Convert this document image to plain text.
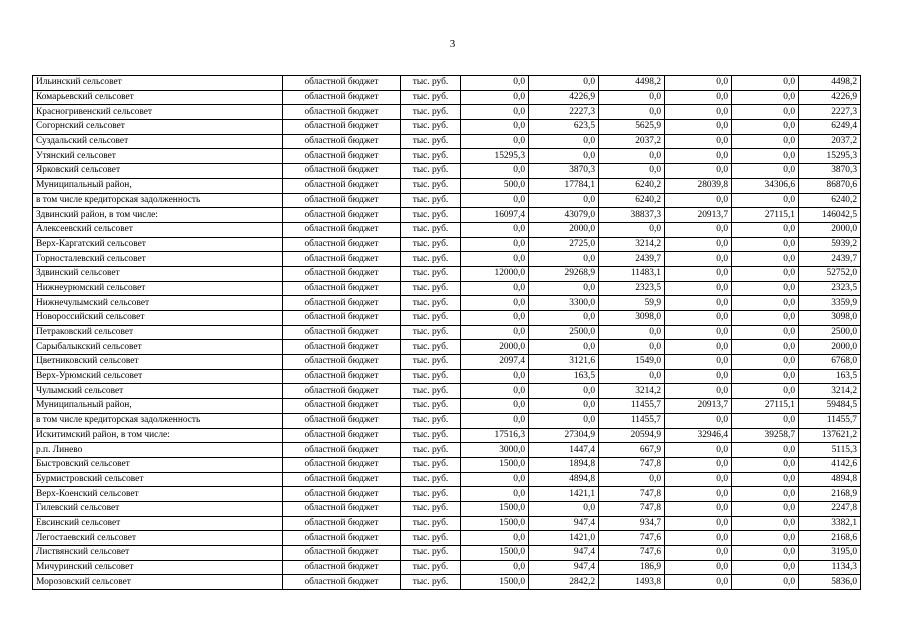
3
Ильинский сельсовет	областной бюджет	тыс. руб.	0,0	0,0	4498,2	0,0	0,0	4498,2
Комарьевский сельсовет	областной бюджет	тыс. руб.	0,0	4226,9	0,0	0,0	0,0	4226,9
Красногривенский сельсовет	областной бюджет	тыс. руб.	0,0	2227,3	0,0	0,0	0,0	2227,3
Согорнский сельсовет	областной бюджет	тыс. руб.	0,0	623,5	5625,9	0,0	0,0	6249,4
Суздальский сельсовет	областной бюджет	тыс. руб.	0,0	0,0	2037,2	0,0	0,0	2037,2
Утянский сельсовет	областной бюджет	тыс. руб.	15295,3	0,0	0,0	0,0	0,0	15295,3
Ярковский сельсовет	областной бюджет	тыс. руб.	0,0	3870,3	0,0	0,0	0,0	3870,3
Муниципальный район,	областной бюджет	тыс. руб.	500,0	17784,1	6240,2	28039,8	34306,6	86870,6
в том числе кредиторская задолженность	областной бюджет	тыс. руб.	0,0	0,0	6240,2	0,0	0,0	6240,2
Здвинский район, в том числе:	областной бюджет	тыс. руб.	16097,4	43079,0	38837,3	20913,7	27115,1	146042,5
Алексеевский сельсовет	областной бюджет	тыс. руб.	0,0	2000,0	0,0	0,0	0,0	2000,0
Верх-Каргатский сельсовет	областной бюджет	тыс. руб.	0,0	2725,0	3214,2	0,0	0,0	5939,2
Горносталевский сельсовет	областной бюджет	тыс. руб.	0,0	0,0	2439,7	0,0	0,0	2439,7
Здвинский сельсовет	областной бюджет	тыс. руб.	12000,0	29268,9	11483,1	0,0	0,0	52752,0
Нижнеурюмский сельсовет	областной бюджет	тыс. руб.	0,0	0,0	2323,5	0,0	0,0	2323,5
Нижнечулымский сельсовет	областной бюджет	тыс. руб.	0,0	3300,0	59,9	0,0	0,0	3359,9
Новороссийский сельсовет	областной бюджет	тыс. руб.	0,0	0,0	3098,0	0,0	0,0	3098,0
Петраковский сельсовет	областной бюджет	тыс. руб.	0,0	2500,0	0,0	0,0	0,0	2500,0
Сарыбалыкский сельсовет	областной бюджет	тыс. руб.	2000,0	0,0	0,0	0,0	0,0	2000,0
Цветниковский сельсовет	областной бюджет	тыс. руб.	2097,4	3121,6	1549,0	0,0	0,0	6768,0
Верх-Урюмский сельсовет	областной бюджет	тыс. руб.	0,0	163,5	0,0	0,0	0,0	163,5
Чулымский сельсовет	областной бюджет	тыс. руб.	0,0	0,0	3214,2	0,0	0,0	3214,2
Муниципальный район,	областной бюджет	тыс. руб.	0,0	0,0	11455,7	20913,7	27115,1	59484,5
в том числе кредиторская задолженность	областной бюджет	тыс. руб.	0,0	0,0	11455,7	0,0	0,0	11455,7
Искитимский район, в том числе:	областной бюджет	тыс. руб.	17516,3	27304,9	20594,9	32946,4	39258,7	137621,2
р.п. Линево	областной бюджет	тыс. руб.	3000,0	1447,4	667,9	0,0	0,0	5115,3
Быстровский сельсовет	областной бюджет	тыс. руб.	1500,0	1894,8	747,8	0,0	0,0	4142,6
Бурмистровский сельсовет	областной бюджет	тыс. руб.	0,0	4894,8	0,0	0,0	0,0	4894,8
Верх-Коенский сельсовет	областной бюджет	тыс. руб.	0,0	1421,1	747,8	0,0	0,0	2168,9
Гилевский сельсовет	областной бюджет	тыс. руб.	1500,0	0,0	747,8	0,0	0,0	2247,8
Евсинский сельсовет	областной бюджет	тыс. руб.	1500,0	947,4	934,7	0,0	0,0	3382,1
Легостаевский сельсовет	областной бюджет	тыс. руб.	0,0	1421,0	747,6	0,0	0,0	2168,6
Листвянский сельсовет	областной бюджет	тыс. руб.	1500,0	947,4	747,6	0,0	0,0	3195,0
Мичуринский сельсовет	областной бюджет	тыс. руб.	0,0	947,4	186,9	0,0	0,0	1134,3
Морозовский сельсовет	областной бюджет	тыс. руб.	1500,0	2842,2	1493,8	0,0	0,0	5836,0
